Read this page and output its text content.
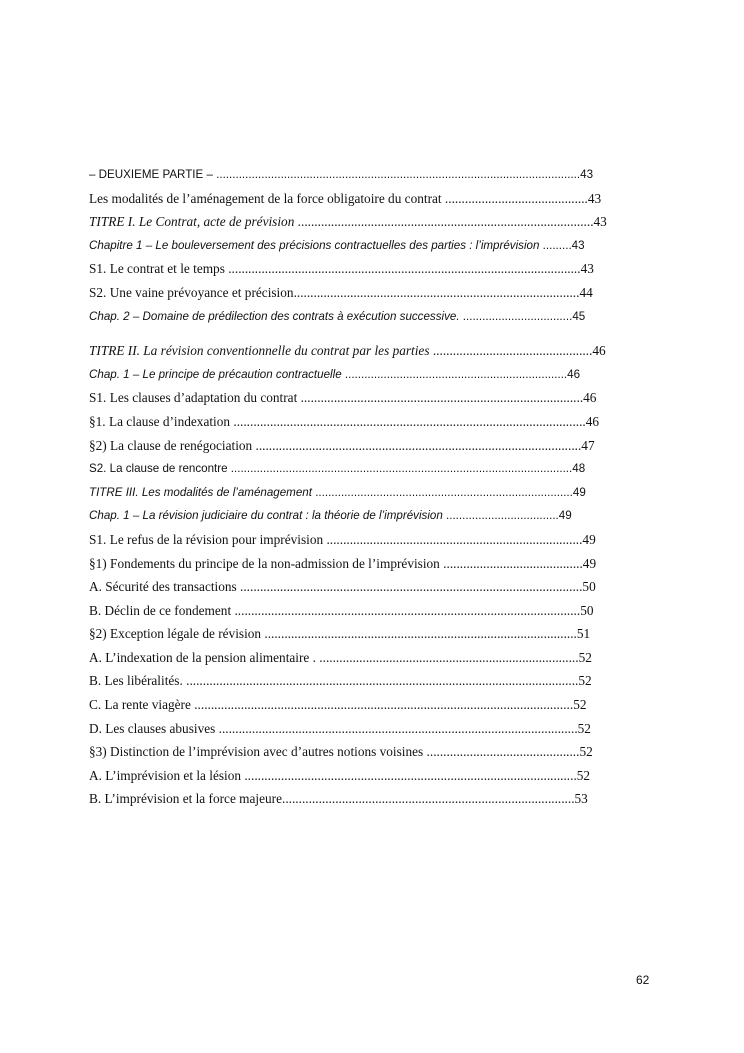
– DEUXIEME PARTIE – .................................................................................................................43
Les modalités de l’aménagement de la force obligatoire du contrat ...........................................43
TITRE I. Le Contrat, acte de prévision .........................................................................................43
Chapitre 1 – Le bouleversement des précisions contractuelles des parties : l’imprévision .........43
S1. Le contrat et le temps ..........................................................................................................43
S2. Une vaine prévoyance et précision......................................................................................44
Chap. 2 – Domaine de prédilection des contrats à exécution successive. ..................................45
TITRE II. La révision conventionnelle du contrat par les parties ................................................46
Chap. 1 – Le principe de précaution contractuelle .....................................................................46
S1. Les clauses d’adaptation du contrat .....................................................................................46
§1. La clause d’indexation ..........................................................................................................46
§2) La clause de renégociation ..................................................................................................47
S2. La clause de rencontre ..........................................................................................................48
TITRE III. Les modalités de l’aménagement ................................................................................49
Chap. 1 – La révision judiciaire du contrat : la théorie de l’imprévision ...................................49
S1. Le refus de la révision pour imprévision .............................................................................49
§1) Fondements du principe de la non-admission de l’imprévision ..........................................49
A. Sécurité des transactions .......................................................................................................50
B. Déclin de ce fondement ........................................................................................................50
§2) Exception légale de révision ..............................................................................................51
A. L’indexation de la pension alimentaire . ..............................................................................52
B. Les libéralités. ......................................................................................................................52
C. La rente viagère ..................................................................................................................52
D. Les clauses abusives ............................................................................................................52
§3) Distinction de l’imprévision avec d’autres notions voisines ..............................................52
A. L’imprévision et la lésion ....................................................................................................52
B. L’imprévision et la force majeure........................................................................................53
62
